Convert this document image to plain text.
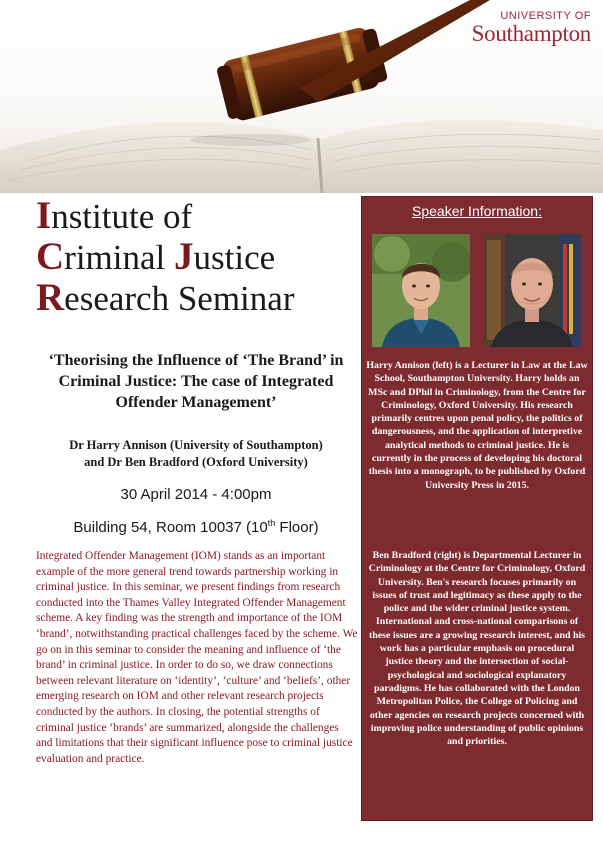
UNIVERSITY OF
Southampton
Institute of
Criminal Justice
Research Seminar
‘Theorising the Influence of ‘The Brand’ in Criminal Justice: The case of Integrated Offender Management’
Dr Harry Annison (University of Southampton)
and Dr Ben Bradford (Oxford University)
30 April 2014 - 4:00pm
Building 54, Room 10037 (10th Floor)
Integrated Offender Management (IOM) stands as an important example of the more general trend towards partnership working in criminal justice. In this seminar, we present findings from research conducted into the Thames Valley Integrated Offender Management scheme. A key finding was the strength and importance of the IOM ‘brand’, notwithstanding practical challenges faced by the scheme. We go on in this seminar to consider the meaning and influence of ‘the brand’ in criminal justice. In order to do so, we draw connections between relevant literature on ‘identity’, ‘culture’ and ‘beliefs’, other emerging research on IOM and other relevant research projects conducted by the authors. In closing, the potential strengths of criminal justice ‘brands’ are summarized, alongside the challenges and limitations that their significant influence pose to criminal justice evaluation and practice.
Speaker Information:
Harry Annison (left) is a Lecturer in Law at the Law School, Southampton University. Harry holds an MSc and DPhil in Criminology, from the Centre for Criminology, Oxford University. His research primarily centres upon penal policy, the politics of dangerousness, and the application of interpretive analytical methods to criminal justice. He is currently in the process of developing his doctoral thesis into a monograph, to be published by Oxford University Press in 2015.
Ben Bradford (right) is Departmental Lecturer in Criminology at the Centre for Criminology, Oxford University. Ben's research focuses primarily on issues of trust and legitimacy as these apply to the police and the wider criminal justice system. International and cross-national comparisons of these issues are a growing research interest, and his work has a particular emphasis on procedural justice theory and the intersection of social-psychological and sociological explanatory paradigms. He has collaborated with the London Metropolitan Police, the College of Policing and other agencies on research projects concerned with improving police understanding of public opinions and priorities.
